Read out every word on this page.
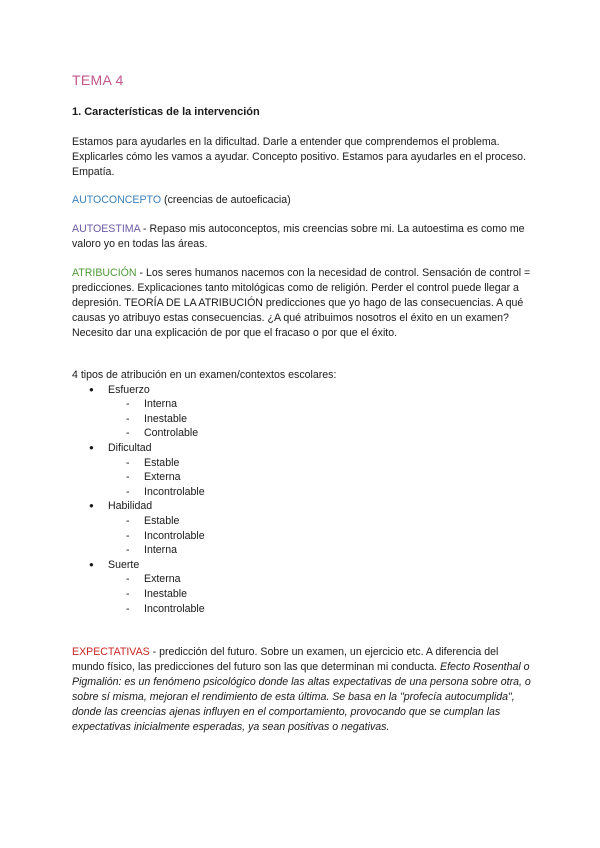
TEMA 4
1. Características de la intervención
Estamos para ayudarles en la dificultad. Darle a entender que comprendemos el problema. Explicarles cómo les vamos a ayudar. Concepto positivo. Estamos para ayudarles en el proceso. Empatía.
AUTOCONCEPTO (creencias de autoeficacia)
AUTOESTIMA - Repaso mis autoconceptos, mis creencias sobre mi. La autoestima es como me valoro yo en todas las áreas.
ATRIBUCIÓN - Los seres humanos nacemos con la necesidad de control. Sensación de control = predicciones. Explicaciones tanto mitológicas como de religión. Perder el control puede llegar a depresión. TEORÍA DE LA ATRIBUCIÓN predicciones que yo hago de las consecuencias. A qué causas yo atribuyo estas consecuencias. ¿A qué atribuimos nosotros el éxito en un examen? Necesito dar una explicación de por que el fracaso o por que el éxito.
4 tipos de atribución en un examen/contextos escolares:
● Esfuerzo
- Interna
- Inestable
- Controlable
● Dificultad
- Estable
- Externa
- Incontrolable
● Habilidad
- Estable
- Incontrolable
- Interna
● Suerte
- Externa
- Inestable
- Incontrolable
EXPECTATIVAS - predicción del futuro. Sobre un examen, un ejercicio etc. A diferencia del mundo físico, las predicciones del futuro son las que determinan mi conducta. Efecto Rosenthal o Pigmalión: es un fenómeno psicológico donde las altas expectativas de una persona sobre otra, o sobre sí misma, mejoran el rendimiento de esta última. Se basa en la "profecía autocumplida", donde las creencias ajenas influyen en el comportamiento, provocando que se cumplan las expectativas inicialmente esperadas, ya sean positivas o negativas.
